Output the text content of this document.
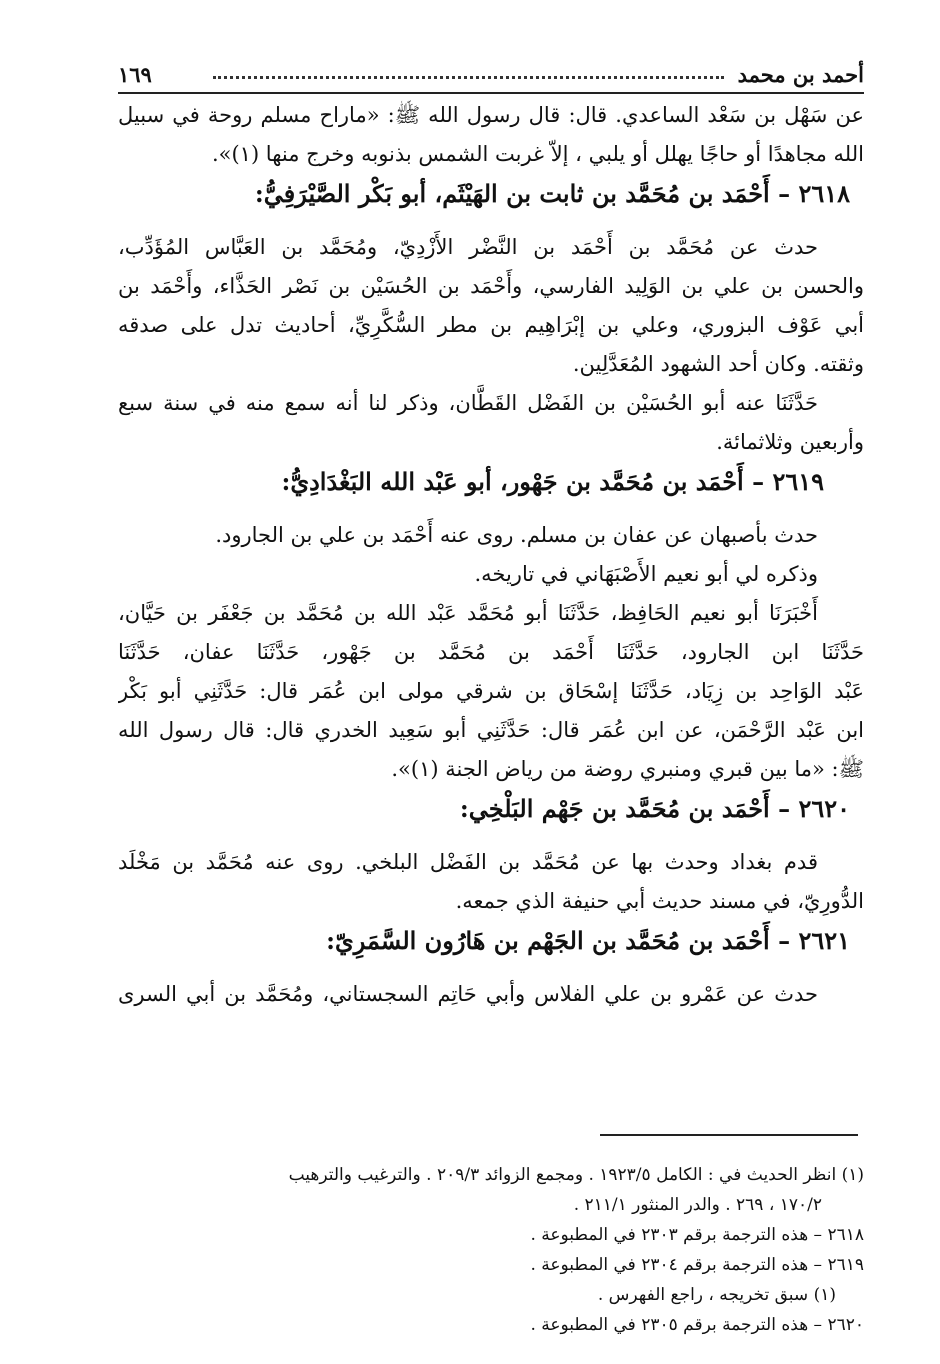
أحمد بن محمد
١٦٩
عن سَهْل بن سَعْد الساعدي. قال: قال رسول الله ﷺ: «ماراح مسلم روحة في سبيل
الله مجاهدًا أو حاجًا يهلل أو يلبي ، إلاّ غربت الشمس بذنوبه وخرج منها (١)».
٢٦١٨ – أَحْمَد بن مُحَمَّد بن ثابت بن الهَيْثَم، أبو بَكْر الصَّيْرَفِيُّ:
حدث عن مُحَمَّد بن أَحْمَد بن النَّضْر الأَزْدِيّ، ومُحَمَّد بن العَبَّاس المُؤَدِّب،
والحسن بن علي بن الوَلِيد الفارسي، وأَحْمَد بن الحُسَيْن بن نَصْر الحَذَّاء، وأَحْمَد بن
أبي عَوْف البزوري، وعلي بن إبْرَاهِيم بن مطر السُّكَّرِيِّ، أحاديث تدل على صدقه
وثقته. وكان أحد الشهود المُعَدَّلِين.
حَدَّثَنَا عنه أبو الحُسَيْن بن الفَضْل القَطَّان، وذكر لنا أنه سمع منه في سنة سبع
وأربعين وثلاثمائة.
٢٦١٩ – أَحْمَد بن مُحَمَّد بن جَهْور، أبو عَبْد الله البَغْدَادِيُّ:
حدث بأصبهان عن عفان بن مسلم. روى عنه أَحْمَد بن علي بن الجارود.
وذكره لي أبو نعيم الأَصْبَهَاني في تاريخه.
أَخْبَرَنَا أبو نعيم الحَافِظ، حَدَّثَنَا أبو مُحَمَّد عَبْد الله بن مُحَمَّد بن جَعْفَر بن حَيَّان،
حَدَّثَنَا ابن الجارود، حَدَّثَنَا أَحْمَد بن مُحَمَّد بن جَهْور، حَدَّثَنَا عفان، حَدَّثَنَا
عَبْد الوَاحِد بن زِيَاد، حَدَّثَنَا إسْحَاق بن شرقي مولى ابن عُمَر قال: حَدَّثَنِي أبو بَكْر
ابن عَبْد الرَّحْمَن، عن ابن عُمَر قال: حَدَّثَنِي أبو سَعِيد الخدري قال: قال رسول الله
ﷺ: «ما بين قبري ومنبري روضة من رياض الجنة (١)».
٢٦٢٠ – أَحْمَد بن مُحَمَّد بن جَهْم البَلْخِي:
قدم بغداد وحدث بها عن مُحَمَّد بن الفَضْل البلخي. روى عنه مُحَمَّد بن مَخْلَد
الدُّورِيّ، في مسند حديث أبي حنيفة الذي جمعه.
٢٦٢١ – أَحْمَد بن مُحَمَّد بن الجَهْم بن هَارُون السَّمَرِيّ:
حدث عن عَمْرو بن علي الفلاس وأبي حَاتِم السجستاني، ومُحَمَّد بن أبي السرى
(١) انظر الحديث في : الكامل ١٩٢٣/٥ . ومجمع الزوائد ٢٠٩/٣ . والترغيب والترهيب
١٧٠/٢ ، ٢٦٩ . والدر المنثور ٢١١/١ .
٢٦١٨ – هذه الترجمة برقم ٢٣٠٣ في المطبوعة .
٢٦١٩ – هذه الترجمة برقم ٢٣٠٤ في المطبوعة .
(١) سبق تخريجه ، راجع الفهرس .
٢٦٢٠ – هذه الترجمة برقم ٢٣٠٥ في المطبوعة .
